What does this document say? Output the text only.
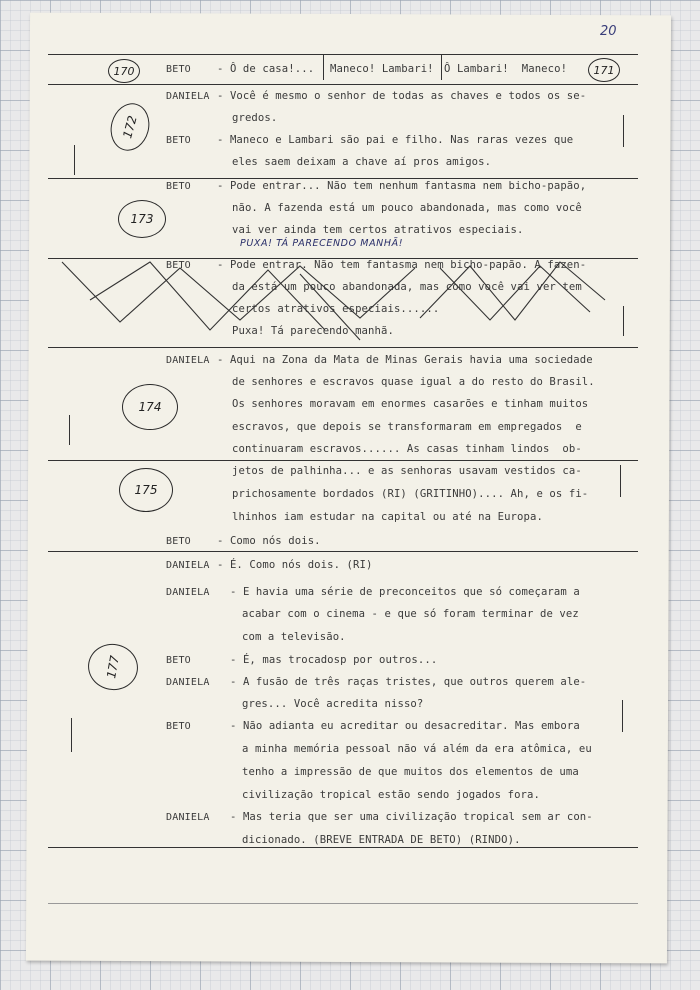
20
170	171
172
173
174
175
177
BETO - Ô de casa!... Maneco! Lambari! Ô Lambari!  Maneco!
DANIELA - Você é mesmo o senhor de todas as chaves e todos os se-
gredos.
BETO - Maneco e Lambari são pai e filho. Nas raras vezes que
eles saem deixam a chave aí pros amigos.
BETO - Pode entrar... Não tem nenhum fantasma nem bicho-papão,
não. A fazenda está um pouco abandonada, mas como você
vai ver ainda tem certos atrativos especiais.
PUXA! TÁ PARECENDO MANHÃ!
BETO - Pode entrar. Não tem fantasma nem bicho-papão. A fazen-
da está um pouco abandonada, mas como você vai ver tem
certos atrativos especiais......
Puxa! Tá parecendo manhã.
DANIELA - Aqui na Zona da Mata de Minas Gerais havia uma sociedade
de senhores e escravos quase igual a do resto do Brasil.
Os senhores moravam em enormes casarões e tinham muitos
escravos, que depois se transformaram em empregados  e
continuaram escravos...... As casas tinham lindos  ob-
jetos de palhinha... e as senhoras usavam vestidos ca-
prichosamente bordados (RI) (GRITINHO).... Ah, e os fi-
lhinhos iam estudar na capital ou até na Europa.
BETO - Como nós dois.
DANIELA - É. Como nós dois. (RI)
DANIELA - E havia uma série de preconceitos que só começaram a
acabar com o cinema - e que só foram terminar de vez
com a televisão.
BETO	- É, mas trocadosp por outros...
DANIELA - A fusão de três raças tristes, que outros querem ale-
gres... Você acredita nisso?
BETO	- Não adianta eu acreditar ou desacreditar. Mas embora
a minha memória pessoal não vá além da era atômica, eu
tenho a impressão de que muitos dos elementos de uma
civilização tropical estão sendo jogados fora.
DANIELA - Mas teria que ser uma civilização tropical sem ar con-
dicionado. (BREVE ENTRADA DE BETO) (RINDO).
